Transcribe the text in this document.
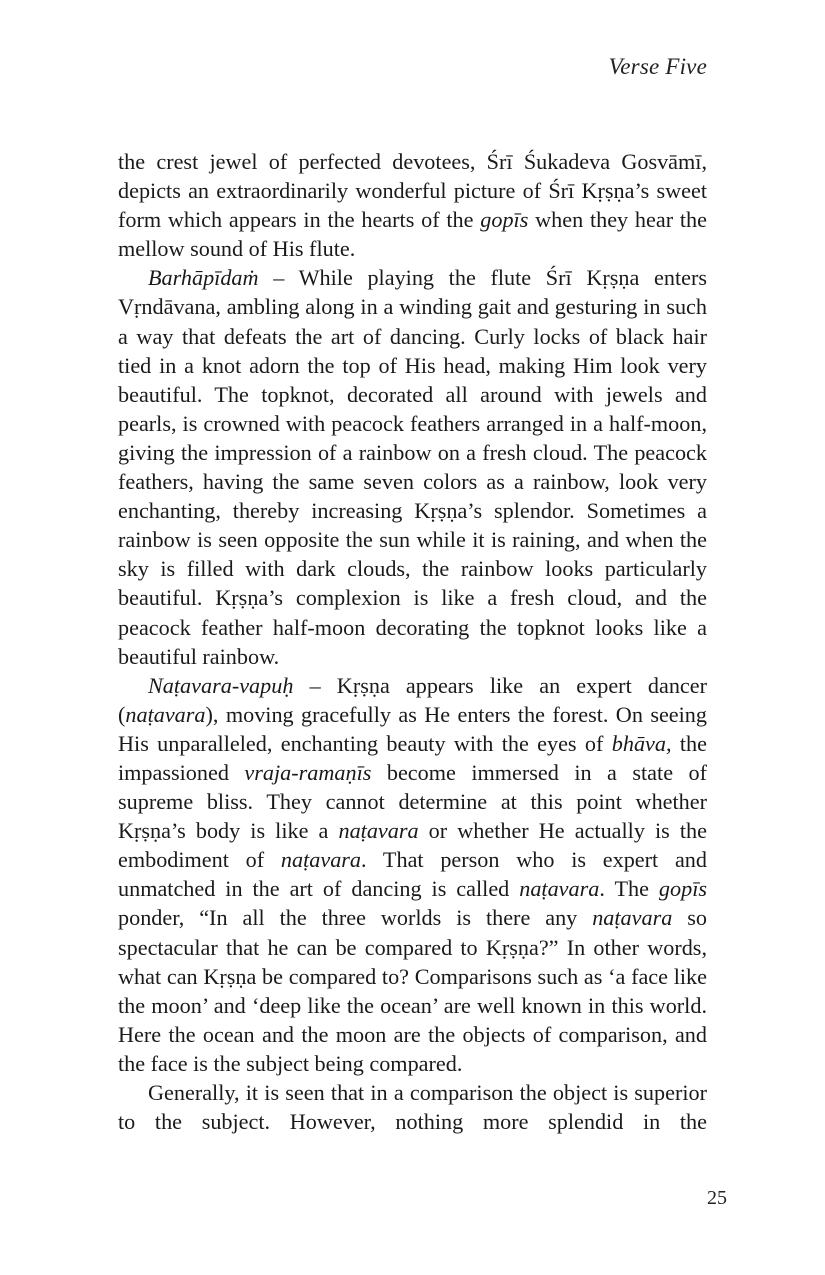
Verse Five

the crest jewel of perfected devotees, Śrī Śukadeva Gosvāmī, depicts an extraordinarily wonderful picture of Śrī Kṛṣṇa’s sweet form which appears in the hearts of the gopīs when they hear the mellow sound of His flute.

Barhāpīdaṁ – While playing the flute Śrī Kṛṣṇa enters Vṛndāvana, ambling along in a winding gait and gesturing in such a way that defeats the art of dancing. Curly locks of black hair tied in a knot adorn the top of His head, making Him look very beautiful. The topknot, decorated all around with jewels and pearls, is crowned with peacock feathers arranged in a half-moon, giving the impression of a rainbow on a fresh cloud. The peacock feathers, having the same seven colors as a rainbow, look very enchanting, thereby increasing Kṛṣṇa’s splendor. Sometimes a rainbow is seen opposite the sun while it is raining, and when the sky is filled with dark clouds, the rainbow looks particularly beautiful. Kṛṣṇa’s complexion is like a fresh cloud, and the peacock feather half-moon decorating the topknot looks like a beautiful rainbow.

Naṭavara-vapuḥ – Kṛṣṇa appears like an expert dancer (naṭavara), moving gracefully as He enters the forest. On seeing His unparalleled, enchanting beauty with the eyes of bhāva, the impassioned vraja-ramaṇīs become immersed in a state of supreme bliss. They cannot determine at this point whether Kṛṣṇa’s body is like a naṭavara or whether He actually is the embodiment of naṭavara. That person who is expert and unmatched in the art of dancing is called naṭavara. The gopīs ponder, “In all the three worlds is there any naṭavara so spectacular that he can be compared to Kṛṣṇa?” In other words, what can Kṛṣṇa be compared to? Comparisons such as ‘a face like the moon’ and ‘deep like the ocean’ are well known in this world. Here the ocean and the moon are the objects of comparison, and the face is the subject being compared.

Generally, it is seen that in a comparison the object is superior to the subject. However, nothing more splendid in the

25
